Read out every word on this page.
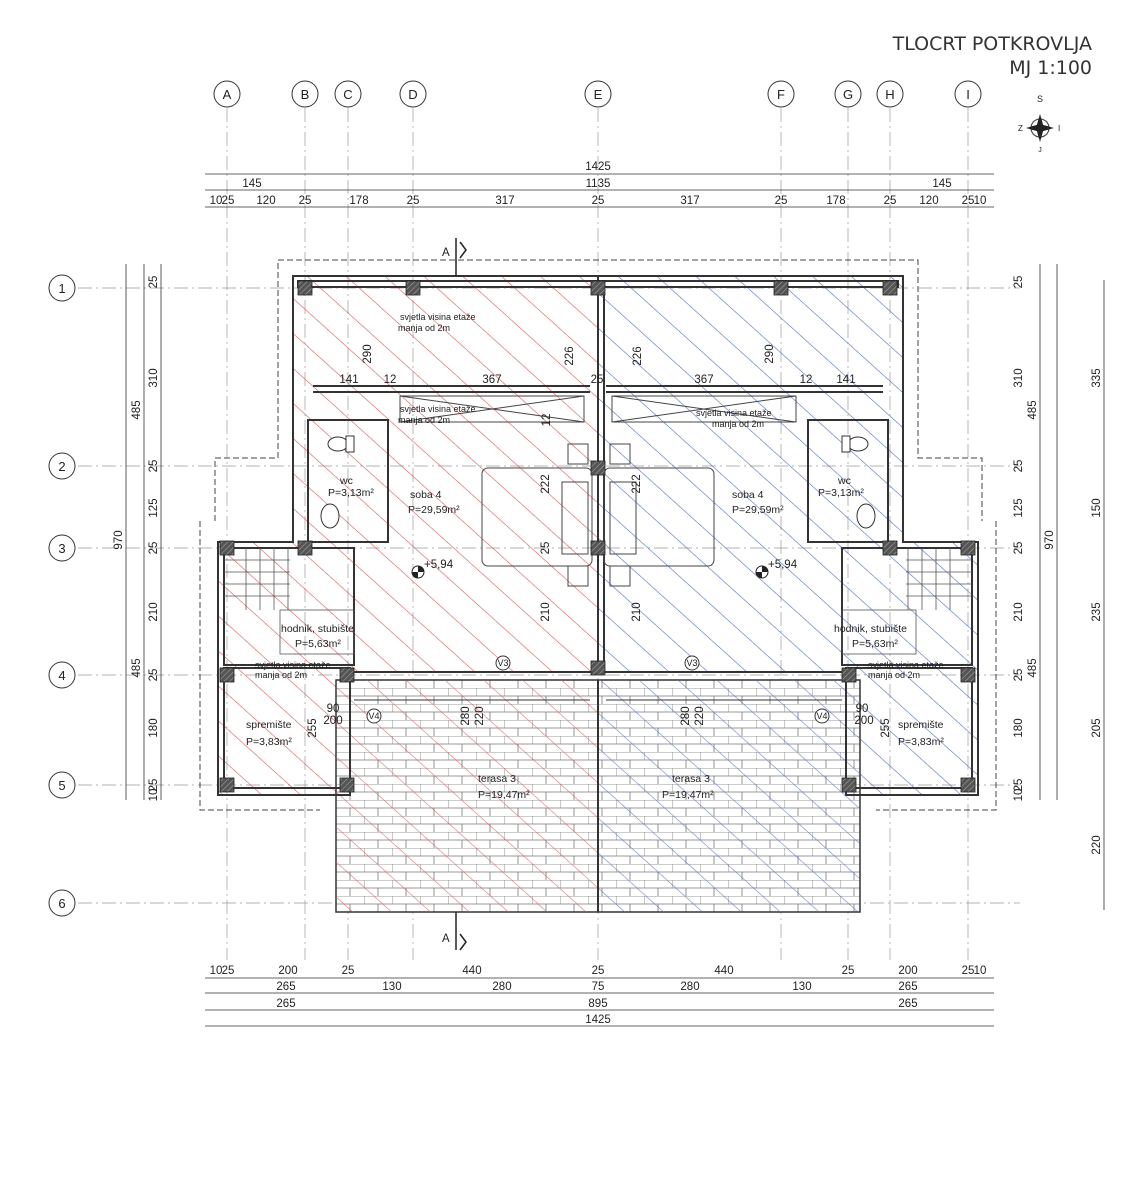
TLOCRT POTKROVLJA
MJ 1:100
A	B	C	D	E	F	G H	I
1
2
3
4
5
6
S
I
Z
J
+5,94	+5,94
wc
P=3,13m²	soba 4
P=29,59m²
soba 4
P=29,59m²
wc
P=3,13m²
hodnik, stubište
P=5,63m²
hodnik, stubište
P=5,63m²
spremište
P=3,83m²
spremište
P=3,83m²
terasa 3
P=19,47m²
terasa 3
P=19,47m²
svjetla visina etaže
manja od 2m
svjetla visina etaže
manja od 2m
svjetla visina etaže
manja od 2m
svjetla visina etaže
manja od 2m
svjetla visina etaže
manja od 2m
V3	V3
V4	V4
A
A
1425
1135
145	145
10 25 120 25	178	25	317	25	317	25	178	25 120 25 10
10 25	200	25	440	25	440	25	200	25 10
265	130	280	75	280	130	265
265	895	265
1425
970
485
485
25
310
25
125
25
210
25
180
25
10
970
485
485
25
310
25
125
25
210
25
180
25
10
335
150
235
205
220
290	226
141 12	367	25
12
222
25
210
280 220
90
200
255
226	290
367	12 141
222
210
280 220	90
200 255
